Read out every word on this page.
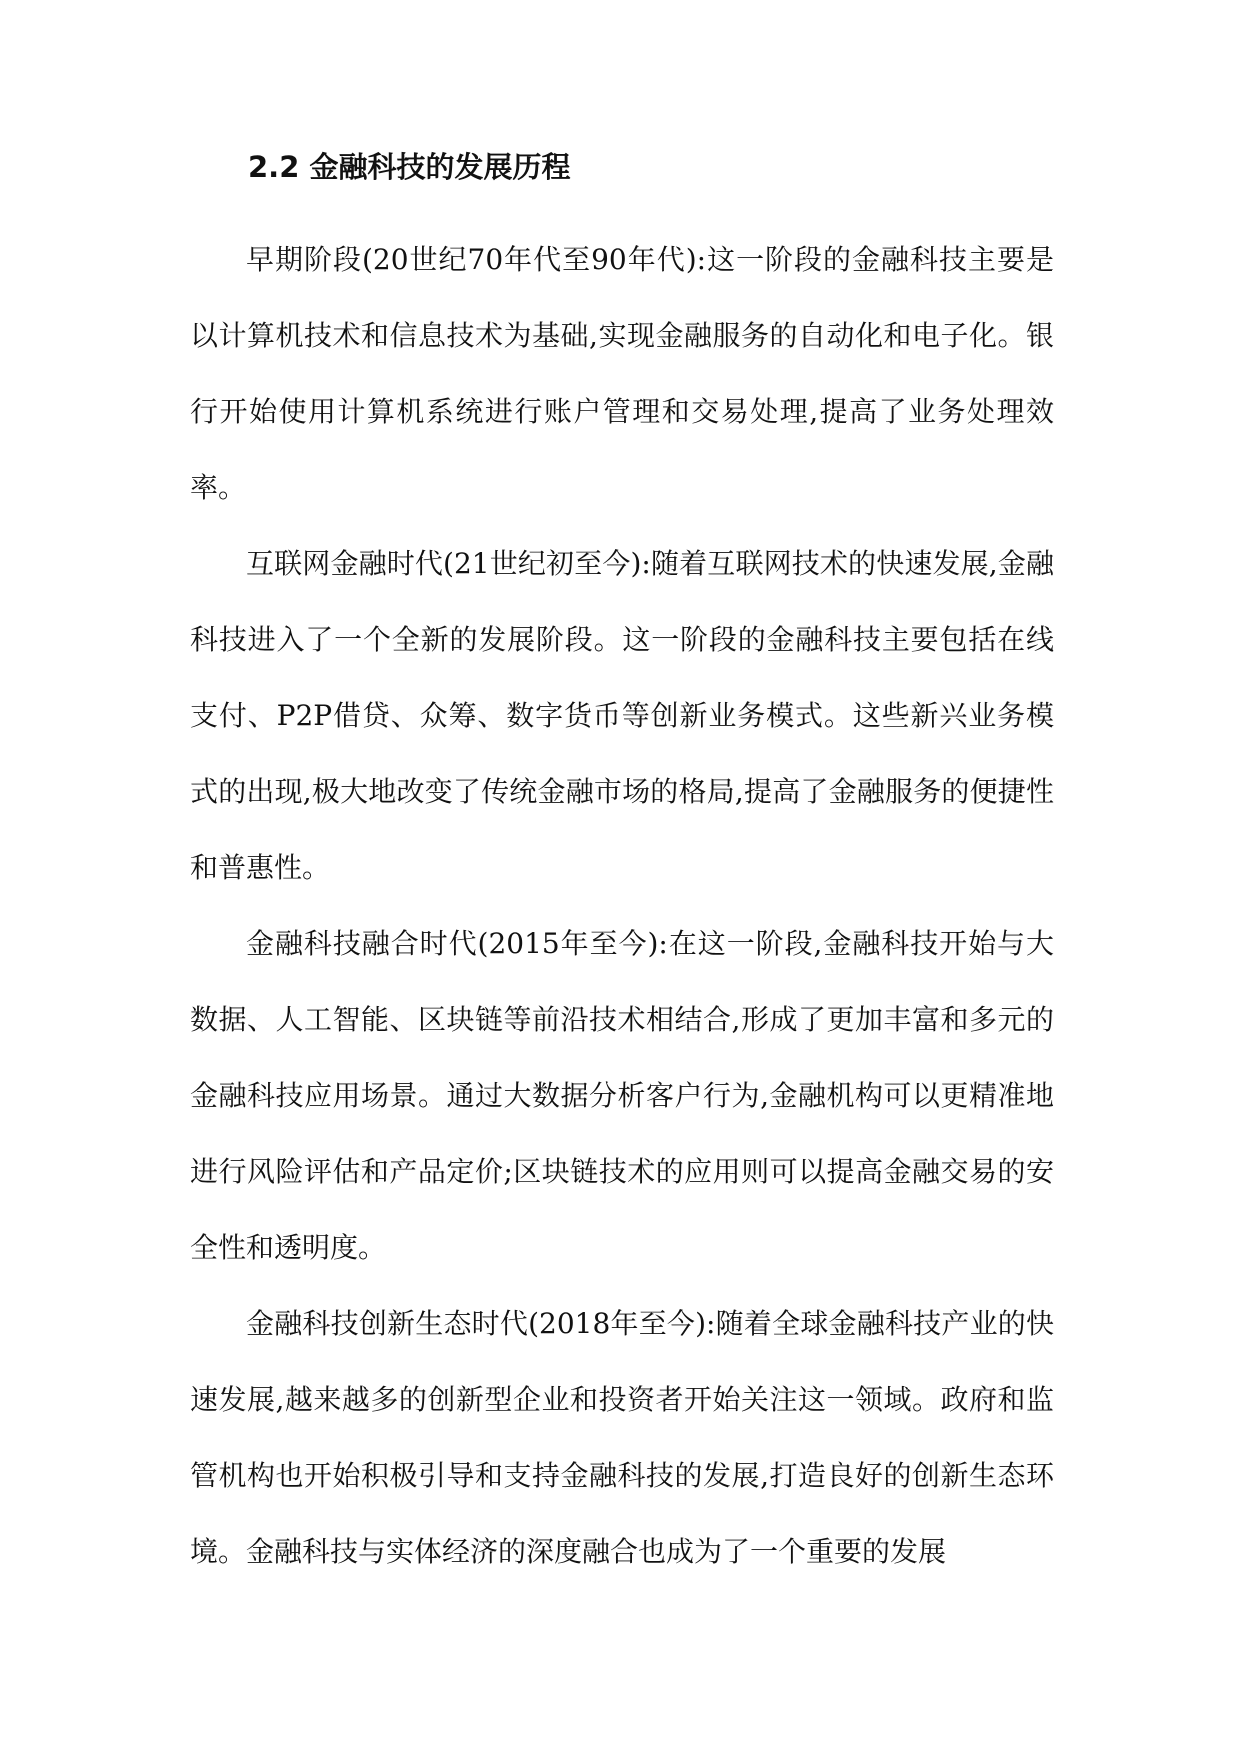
2.2 金融科技的发展历程

早期阶段(20世纪70年代至90年代):这一阶段的金融科技主要是以计算机技术和信息技术为基础,实现金融服务的自动化和电子化。银行开始使用计算机系统进行账户管理和交易处理,提高了业务处理效率。

互联网金融时代(21世纪初至今):随着互联网技术的快速发展,金融科技进入了一个全新的发展阶段。这一阶段的金融科技主要包括在线支付、P2P借贷、众筹、数字货币等创新业务模式。这些新兴业务模式的出现,极大地改变了传统金融市场的格局,提高了金融服务的便捷性和普惠性。

金融科技融合时代(2015年至今):在这一阶段,金融科技开始与大数据、人工智能、区块链等前沿技术相结合,形成了更加丰富和多元的金融科技应用场景。通过大数据分析客户行为,金融机构可以更精准地进行风险评估和产品定价;区块链技术的应用则可以提高金融交易的安全性和透明度。

金融科技创新生态时代(2018年至今):随着全球金融科技产业的快速发展,越来越多的创新型企业和投资者开始关注这一领域。政府和监管机构也开始积极引导和支持金融科技的发展,打造良好的创新生态环境。金融科技与实体经济的深度融合也成为了一个重要的发展
